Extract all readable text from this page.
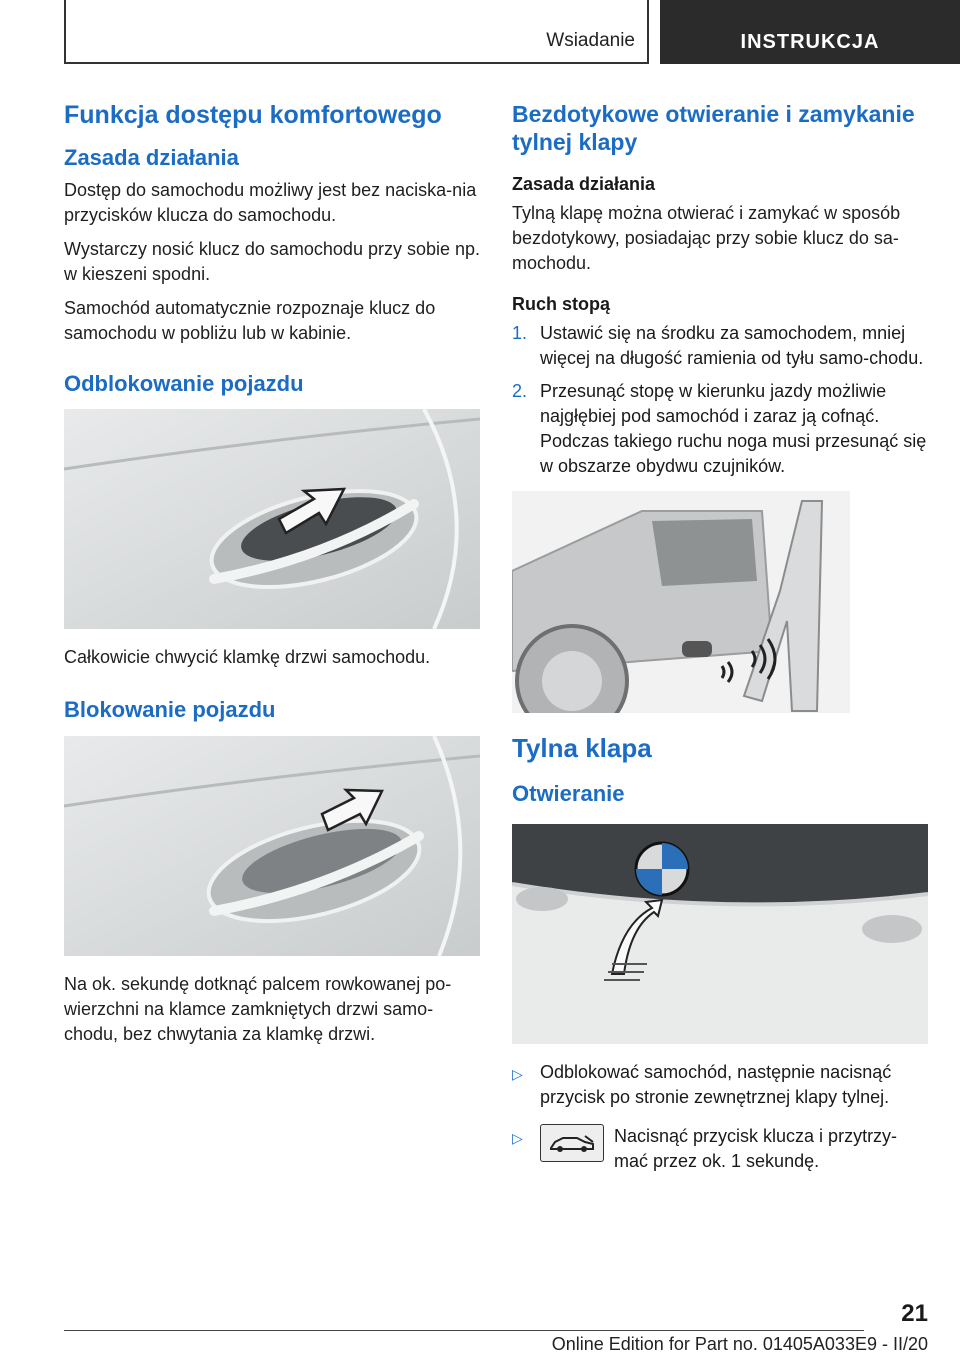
Wsiadanie	INSTRUKCJA
Funkcja dostępu komfortowego
Zasada działania

Dostęp do samochodu możliwy jest bez naciska-nia przycisków klucza do samochodu.

Wystarczy nosić klucz do samochodu przy sobie np. w kieszeni spodni.

Samochód automatycznie rozpoznaje klucz do samochodu w pobliżu lub w kabinie.

Odblokowanie pojazdu

Całkowicie chwycić klamkę drzwi samochodu.

Blokowanie pojazdu

Na ok. sekundę dotknąć palcem rowkowanej po-wierzchni na klamce zamkniętych drzwi samo-chodu, bez chwytania za klamkę drzwi.

Bezdotykowe otwieranie i zamykanie tylnej klapy
Zasada działania

Tylną klapę można otwierać i zamykać w sposób bezdotykowy, posiadając przy sobie klucz do sa-mochodu.

Ruch stopą
1. Ustawić się na środku za samochodem, mniej więcej na długość ramienia od tyłu samo-chodu.
2. Przesunąć stopę w kierunku jazdy możliwie najgłębiej pod samochód i zaraz ją cofnąć. Podczas takiego ruchu noga musi przesunąć się w obszarze obydwu czujników.
Tylna klapa
Otwieranie
▷ Odblokować samochód, następnie nacisnąć przycisk po stronie zewnętrznej klapy tylnej.
▷	Nacisnąć przycisk klucza i przytrzy-mać przez ok. 1 sekundę.
21
Online Edition for Part no. 01405A033E9 - II/20
